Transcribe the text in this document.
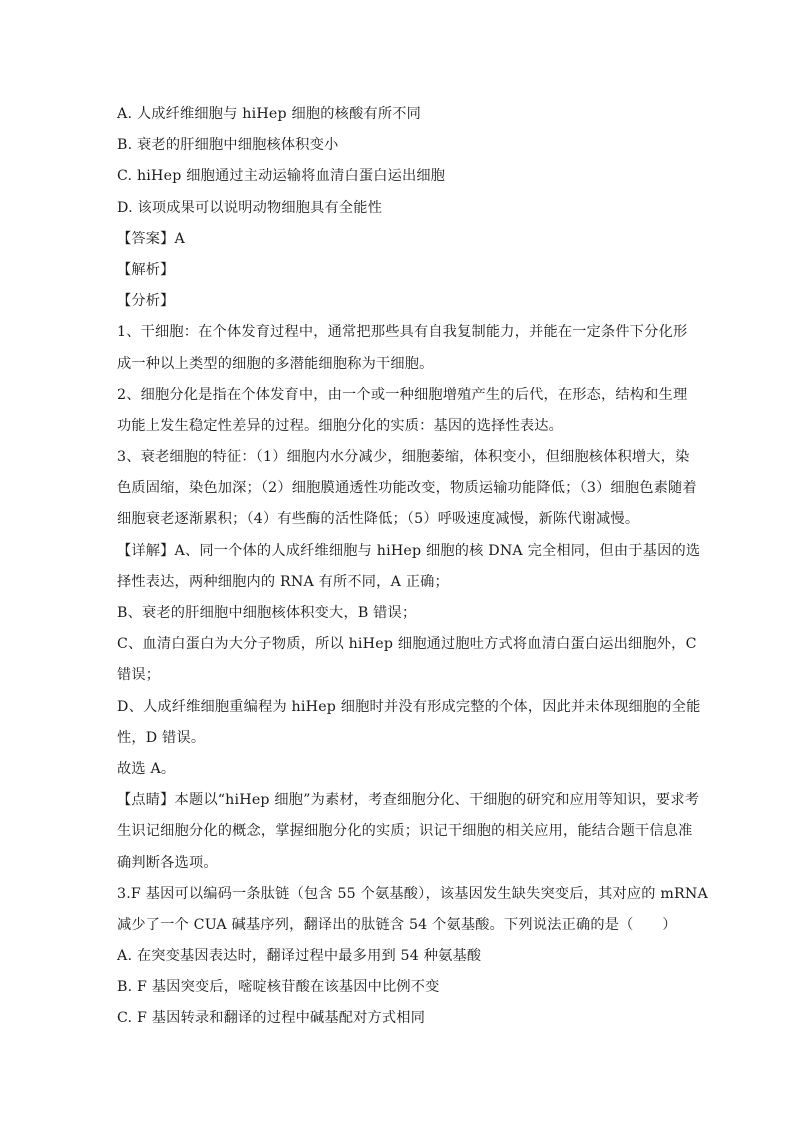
A. 人成纤维细胞与 hiHep 细胞的核酸有所不同
B. 衰老的肝细胞中细胞核体积变小
C. hiHep 细胞通过主动运输将血清白蛋白运出细胞
D. 该项成果可以说明动物细胞具有全能性
【答案】A
【解析】
【分析】
1、干细胞：在个体发育过程中，通常把那些具有自我复制能力，并能在一定条件下分化形
成一种以上类型的细胞的多潜能细胞称为干细胞。
2、细胞分化是指在个体发育中，由一个或一种细胞增殖产生的后代，在形态，结构和生理
功能上发生稳定性差异的过程。细胞分化的实质：基因的选择性表达。
3、衰老细胞的特征：（1）细胞内水分减少，细胞萎缩，体积变小，但细胞核体积增大，染
色质固缩，染色加深；（2）细胞膜通透性功能改变，物质运输功能降低；（3）细胞色素随着
细胞衰老逐渐累积；（4）有些酶的活性降低；（5）呼吸速度减慢，新陈代谢减慢。
【详解】A、同一个体的人成纤维细胞与 hiHep 细胞的核 DNA 完全相同，但由于基因的选
择性表达，两种细胞内的 RNA 有所不同，A 正确；
B、衰老的肝细胞中细胞核体积变大，B 错误；
C、血清白蛋白为大分子物质，所以 hiHep 细胞通过胞吐方式将血清白蛋白运出细胞外，C
错误；
D、人成纤维细胞重编程为 hiHep 细胞时并没有形成完整的个体，因此并未体现细胞的全能
性，D 错误。
故选 A。
【点睛】本题以“hiHep 细胞”为素材，考查细胞分化、干细胞的研究和应用等知识，要求考
生识记细胞分化的概念，掌握细胞分化的实质；识记干细胞的相关应用，能结合题干信息准
确判断各选项。
3.F 基因可以编码一条肽链（包含 55 个氨基酸），该基因发生缺失突变后，其对应的 mRNA
减少了一个 CUA 碱基序列，翻译出的肽链含 54 个氨基酸。下列说法正确的是（　　）
A. 在突变基因表达时，翻译过程中最多用到 54 种氨基酸
B. F 基因突变后，嘧啶核苷酸在该基因中比例不变
C. F 基因转录和翻译的过程中碱基配对方式相同
